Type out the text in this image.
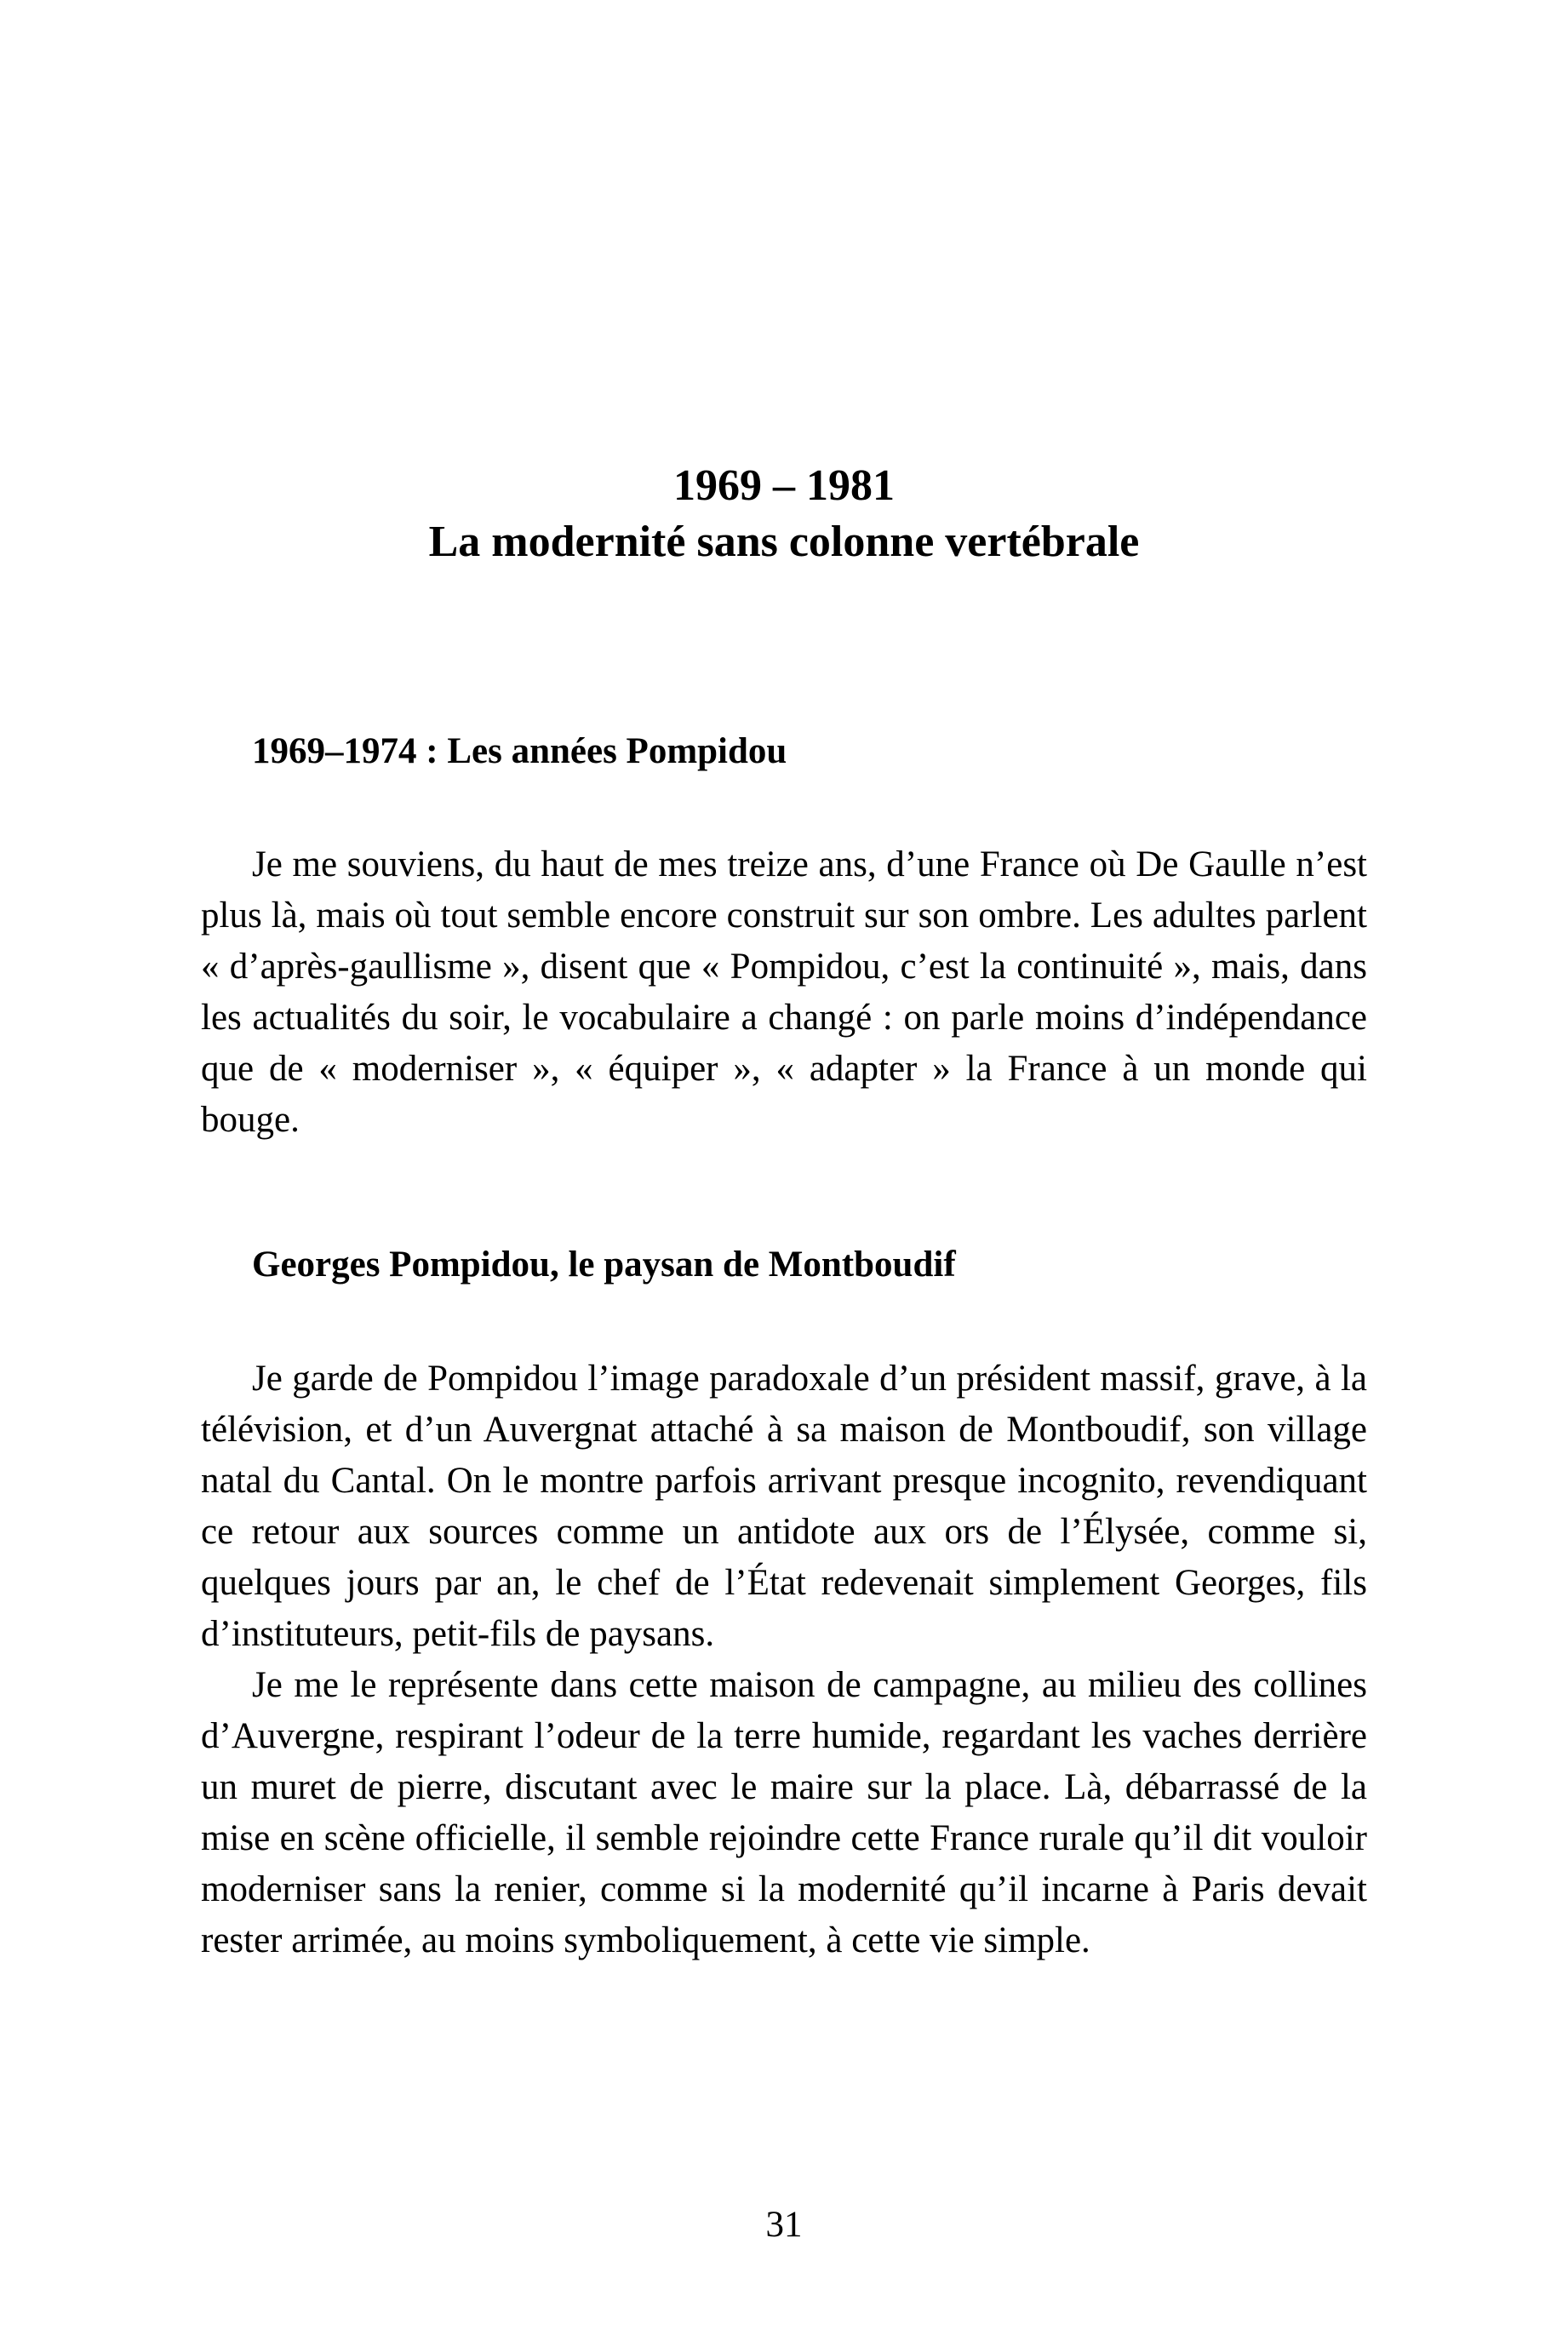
1969 – 1981
La modernité sans colonne vertébrale

1969–1974 : Les années Pompidou

Je me souviens, du haut de mes treize ans, d’une France où De Gaulle n’est plus là, mais où tout semble encore construit sur son ombre. Les adultes parlent « d’après-gaullisme », disent que « Pompidou, c’est la continuité », mais, dans les actualités du soir, le vocabulaire a changé : on parle moins d’indépendance que de « moderniser », « équiper », « adapter » la France à un monde qui bouge.

Georges Pompidou, le paysan de Montboudif

Je garde de Pompidou l’image paradoxale d’un président massif, grave, à la télévision, et d’un Auvergnat attaché à sa maison de Montboudif, son village natal du Cantal. On le montre parfois arrivant presque incognito, revendiquant ce retour aux sources comme un antidote aux ors de l’Élysée, comme si, quelques jours par an, le chef de l’État redevenait simplement Georges, fils d’instituteurs, petit-fils de paysans.

Je me le représente dans cette maison de campagne, au milieu des collines d’Auvergne, respirant l’odeur de la terre humide, regardant les vaches derrière un muret de pierre, discutant avec le maire sur la place. Là, débarrassé de la mise en scène officielle, il semble rejoindre cette France rurale qu’il dit vouloir moderniser sans la renier, comme si la modernité qu’il incarne à Paris devait rester arrimée, au moins symboliquement, à cette vie simple.

31
